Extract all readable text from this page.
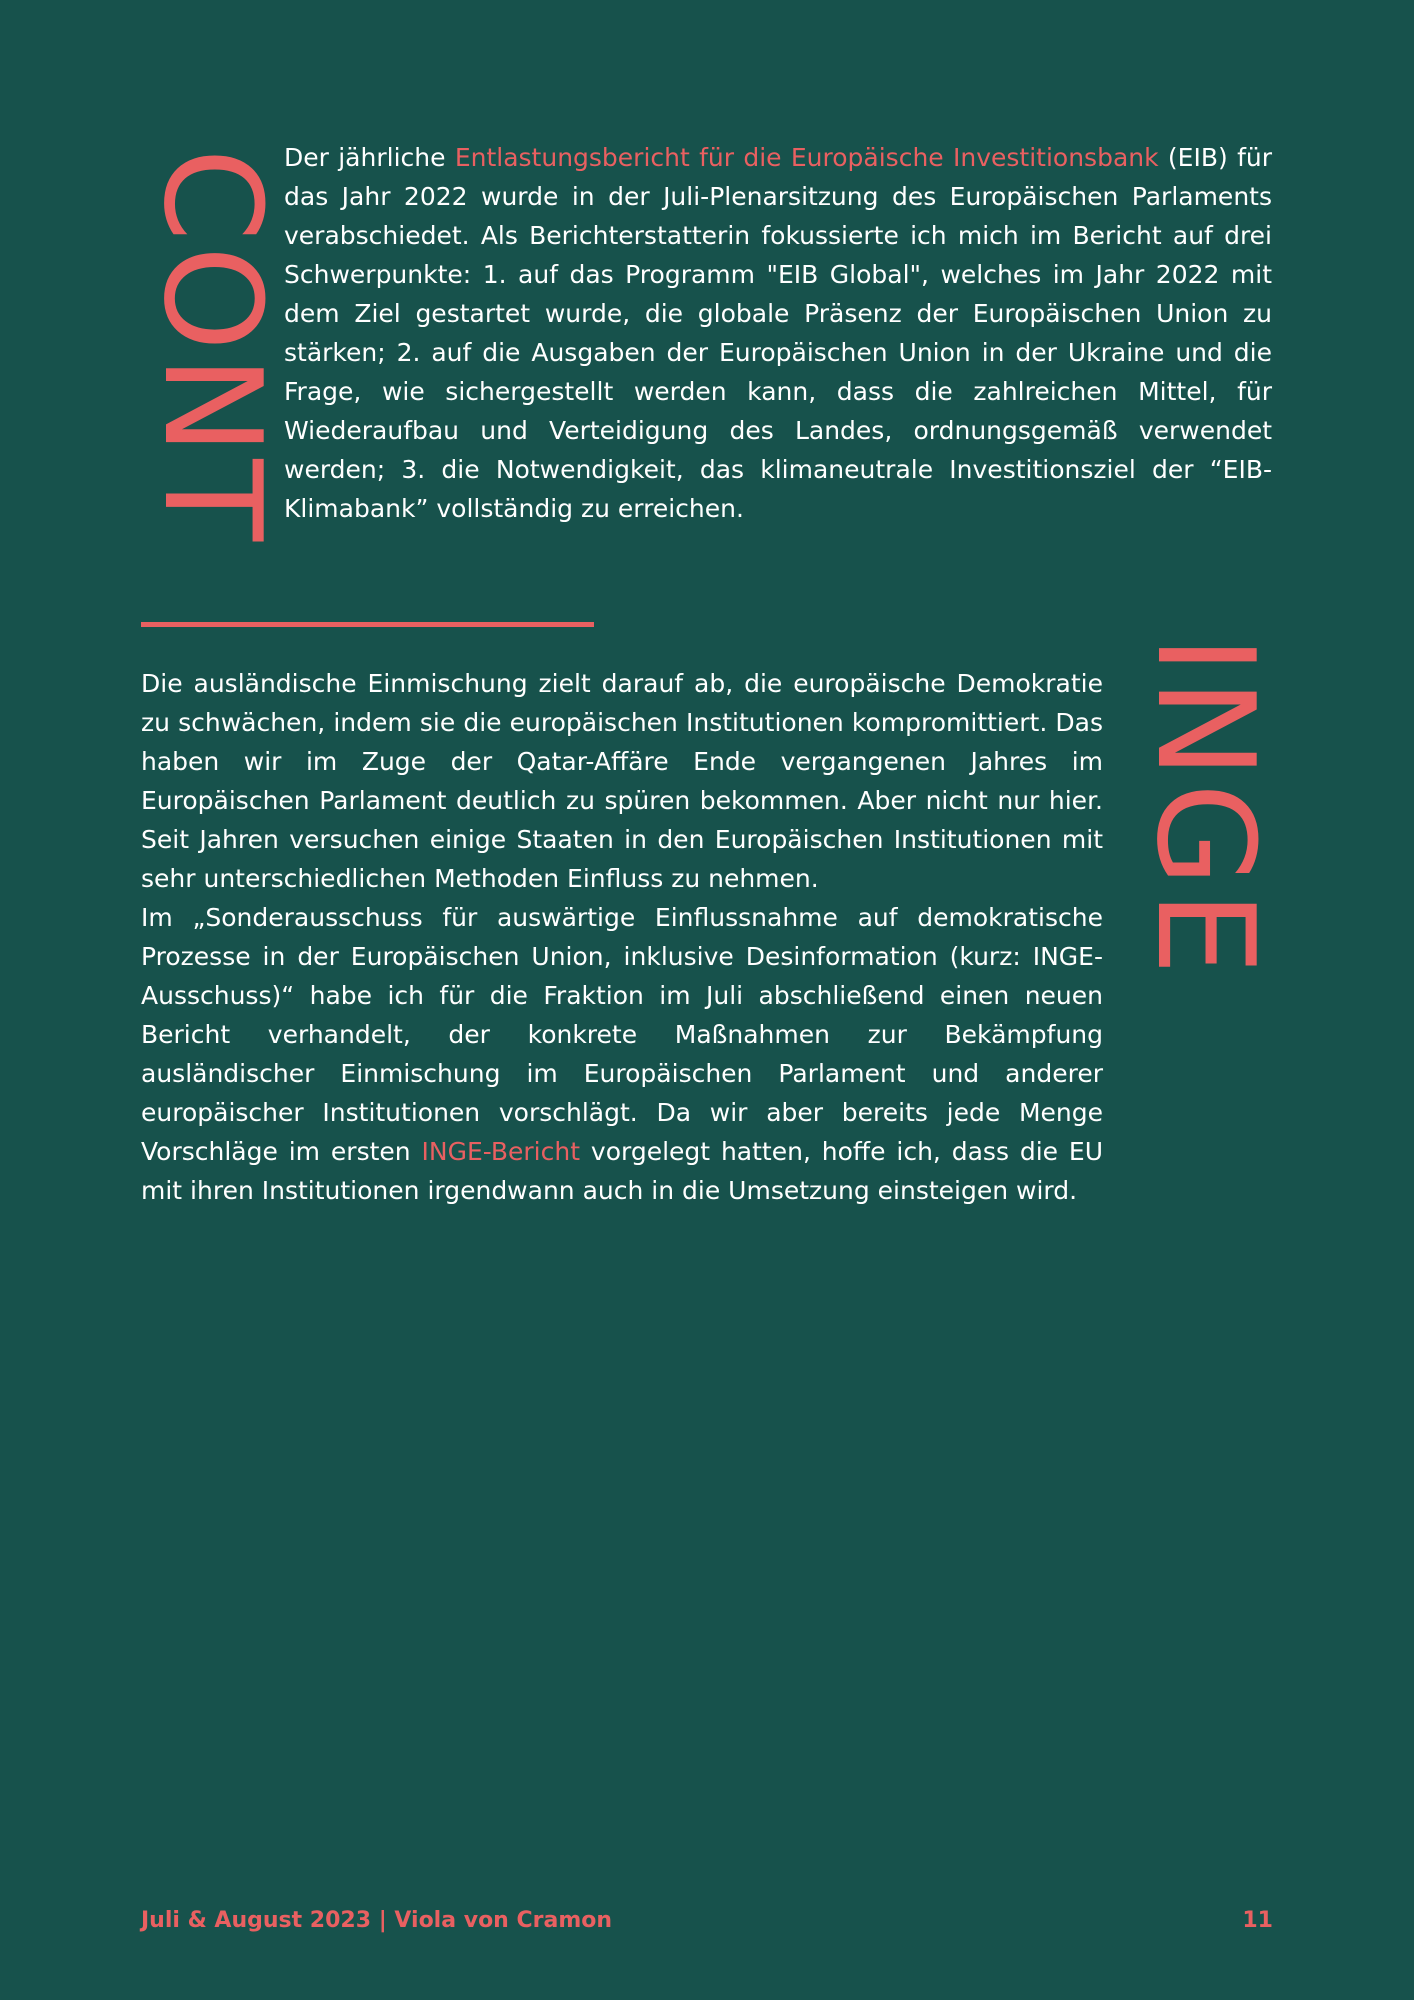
CONT

Der jährliche Entlastungsbericht für die Europäische Investitionsbank (EIB) für das Jahr 2022 wurde in der Juli-Plenarsitzung des Europäischen Parlaments verabschiedet. Als Berichterstatterin fokussierte ich mich im Bericht auf drei Schwerpunkte: 1. auf das Programm "EIB Global", welches im Jahr 2022 mit dem Ziel gestartet wurde, die globale Präsenz der Europäischen Union zu stärken; 2. auf die Ausgaben der Europäischen Union in der Ukraine und die Frage, wie sichergestellt werden kann, dass die zahlreichen Mittel, für Wiederaufbau und Verteidigung des Landes, ordnungsgemäß verwendet werden; 3. die Notwendigkeit, das klimaneutrale Investitionsziel der “EIB-Klimabank” vollständig zu erreichen.

INGE
Die ausländische Einmischung zielt darauf ab, die europäische Demokratie zu schwächen, indem sie die europäischen Institutionen kompromittiert. Das haben wir im Zuge der Qatar-Affäre Ende vergangenen Jahres im Europäischen Parlament deutlich zu spüren bekommen. Aber nicht nur hier. Seit Jahren versuchen einige Staaten in den Europäischen Institutionen mit sehr unterschiedlichen Methoden Einfluss zu nehmen.
Im „Sonderausschuss für auswärtige Einflussnahme auf demokratische Prozesse in der Europäischen Union, inklusive Desinformation (kurz: INGE-Ausschuss)“ habe ich für die Fraktion im Juli abschließend einen neuen Bericht verhandelt, der konkrete Maßnahmen zur Bekämpfung ausländischer Einmischung im Europäischen Parlament und anderer europäischer Institutionen vorschlägt. Da wir aber bereits jede Menge Vorschläge im ersten INGE-Bericht vorgelegt hatten, hoffe ich, dass die EU mit ihren Institutionen irgendwann auch in die Umsetzung einsteigen wird.
Juli & August 2023 | Viola von Cramon	11
